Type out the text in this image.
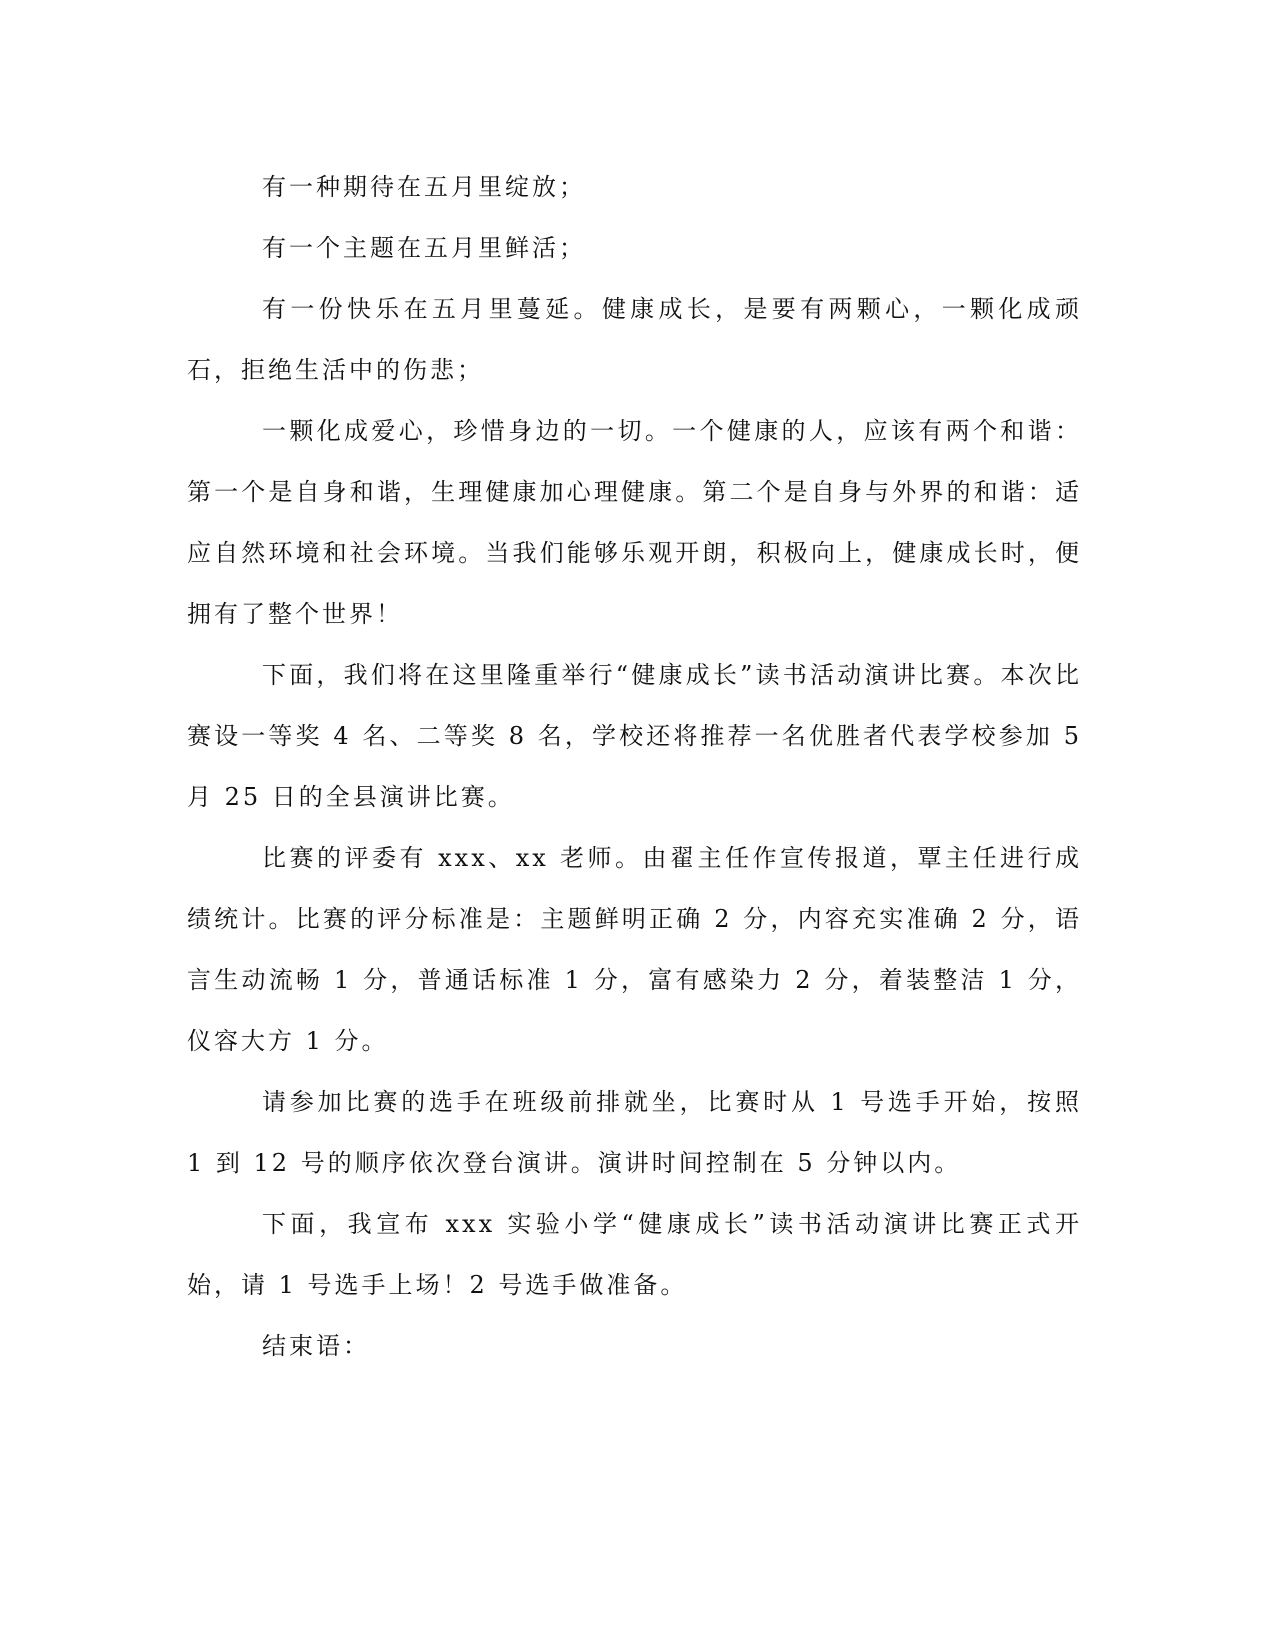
有一种期待在五月里绽放；

有一个主题在五月里鲜活；

有一份快乐在五月里蔓延。健康成长，是要有两颗心，一颗化成顽石，拒绝生活中的伤悲；

一颗化成爱心，珍惜身边的一切。一个健康的人，应该有两个和谐：第一个是自身和谐，生理健康加心理健康。第二个是自身与外界的和谐：适应自然环境和社会环境。当我们能够乐观开朗，积极向上，健康成长时，便拥有了整个世界！

下面，我们将在这里隆重举行“健康成长”读书活动演讲比赛。本次比赛设一等奖 4 名、二等奖 8 名，学校还将推荐一名优胜者代表学校参加 5 月 25 日的全县演讲比赛。

比赛的评委有 xxx、xx 老师。由翟主任作宣传报道，覃主任进行成绩统计。比赛的评分标准是：主题鲜明正确 2 分，内容充实准确 2 分，语言生动流畅 1 分，普通话标准 1 分，富有感染力 2 分，着装整洁 1 分，仪容大方 1 分。

请参加比赛的选手在班级前排就坐，比赛时从 1 号选手开始，按照 1 到 12 号的顺序依次登台演讲。演讲时间控制在 5 分钟以内。

下面，我宣布 xxx 实验小学“健康成长”读书活动演讲比赛正式开始，请 1 号选手上场！2 号选手做准备。

结束语：
